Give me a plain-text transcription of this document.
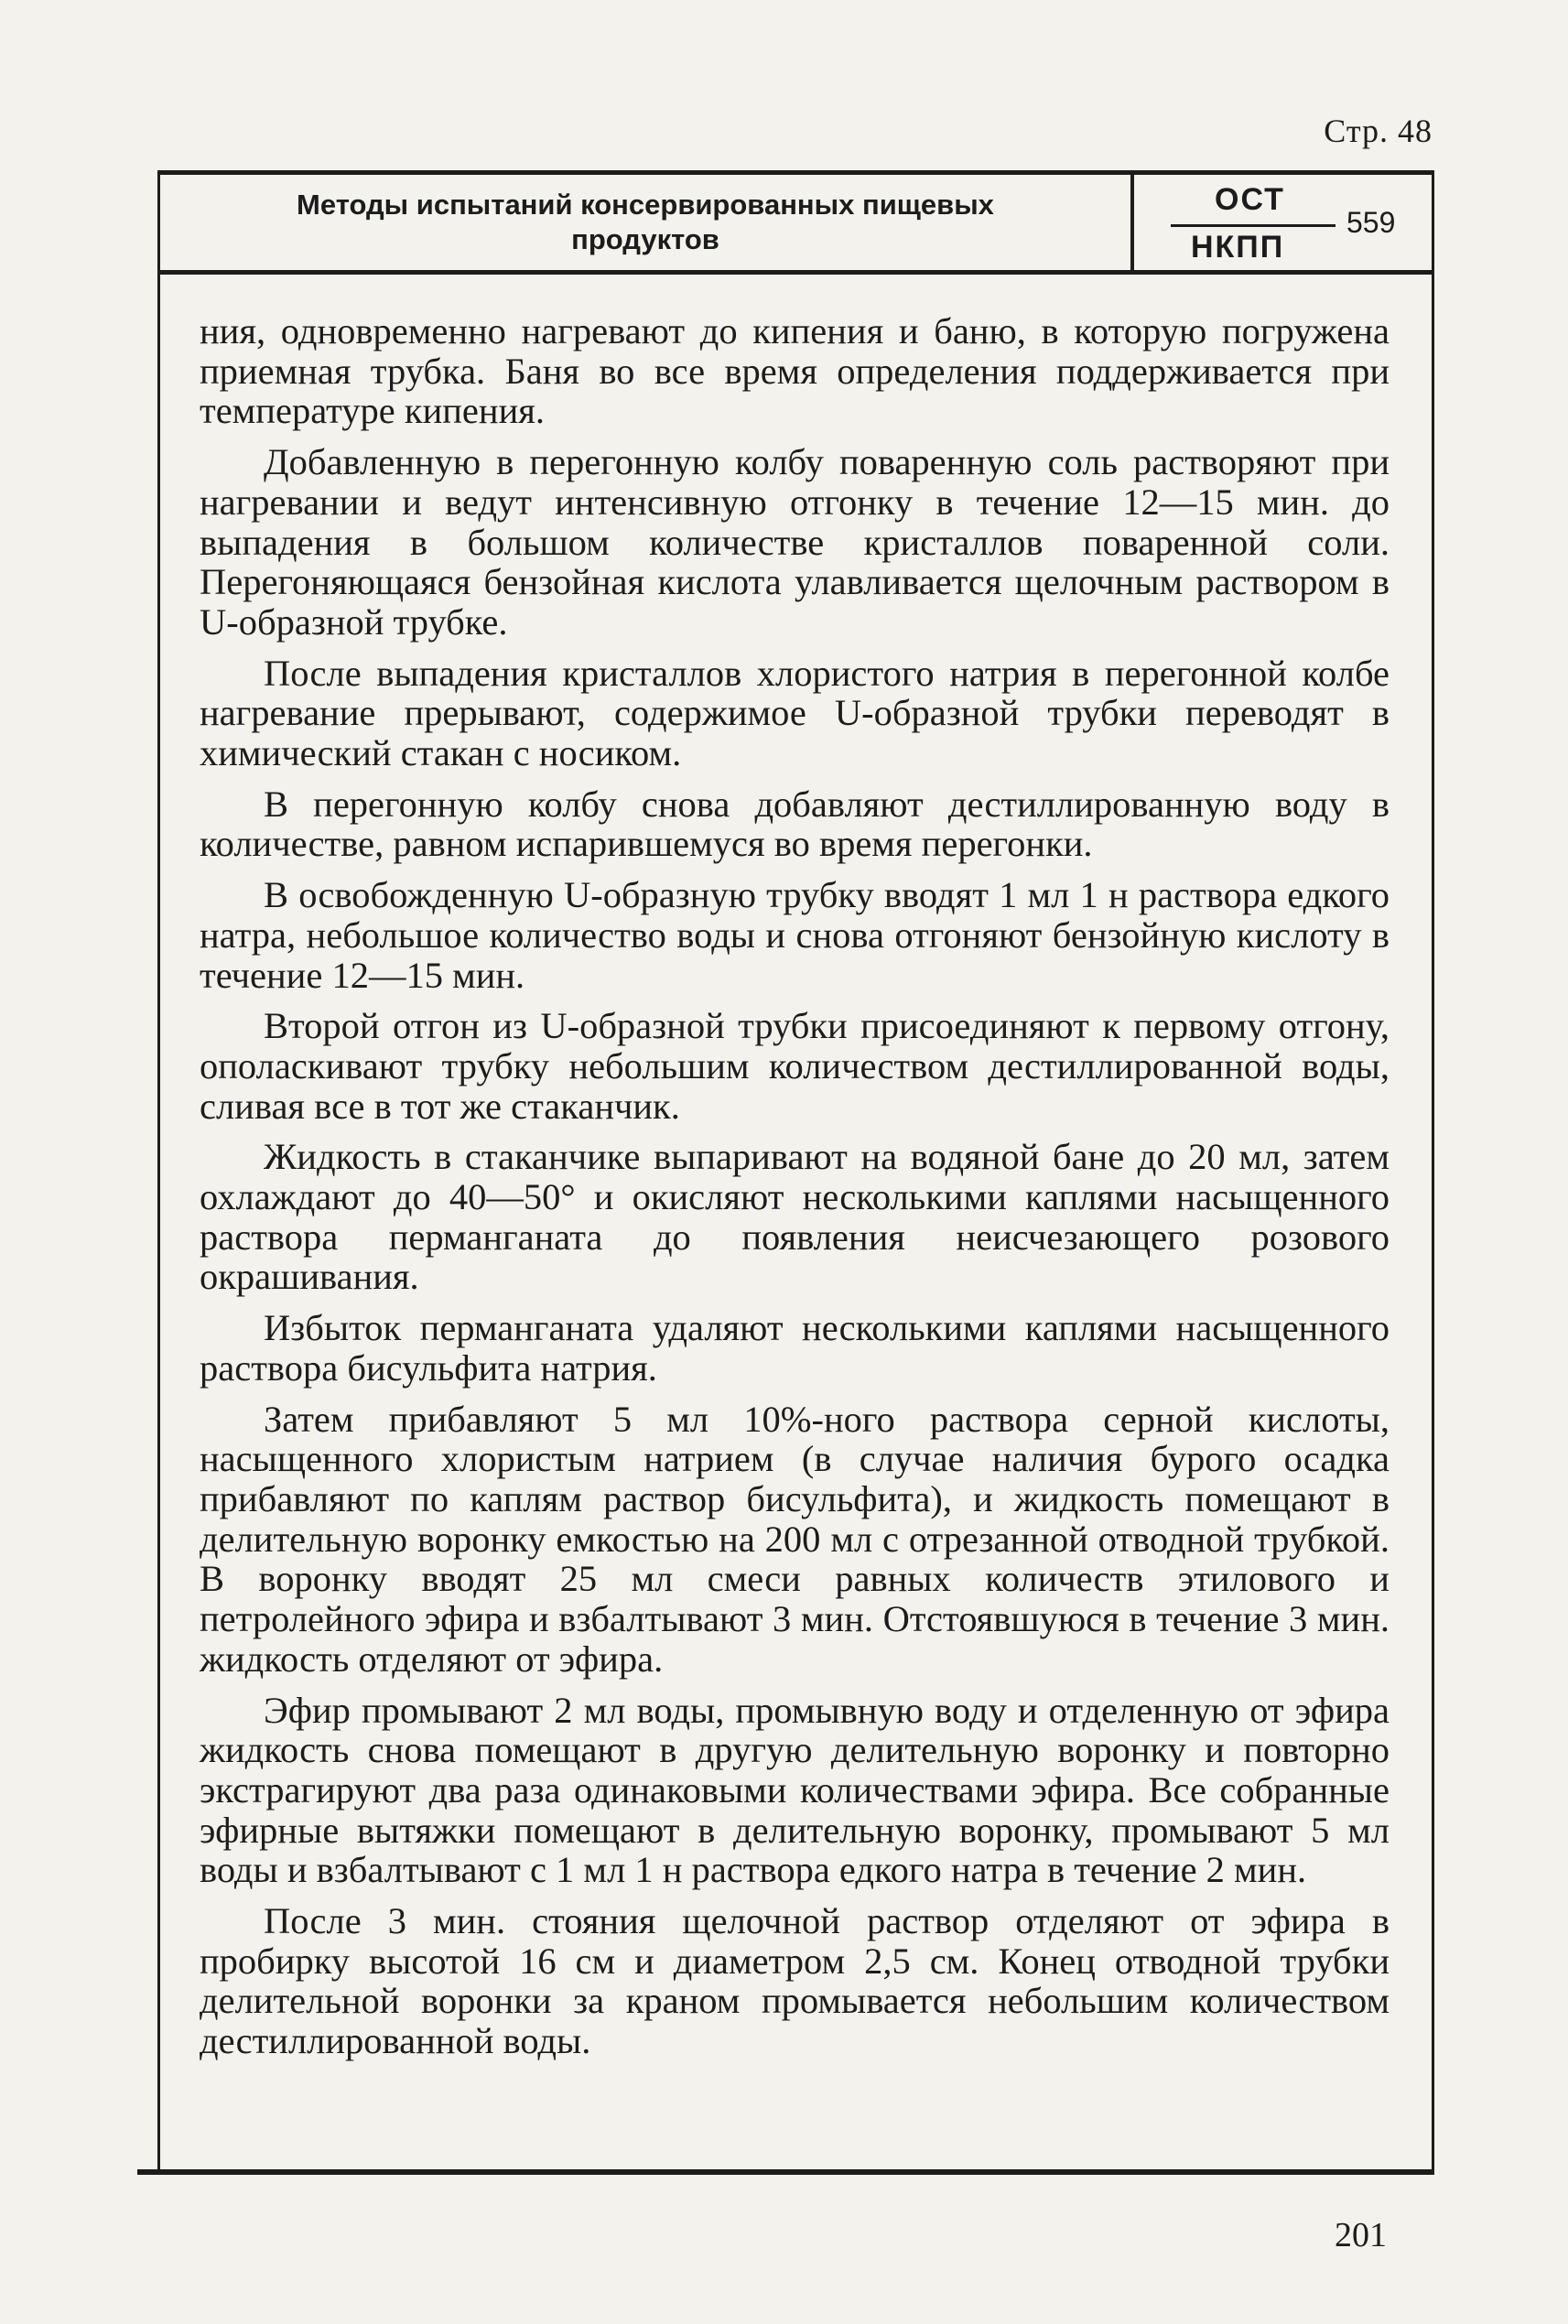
Стр. 48
Методы испытаний консервированных пищевых
продуктов
ОСТ
НКПП
559

ния, одновременно нагревают до кипения и баню, в которую погружена приемная трубка. Баня во все время определения поддерживается при температуре кипения.

Добавленную в перегонную колбу поваренную соль растворяют при нагревании и ведут интенсивную отгонку в течение 12—15 мин. до выпадения в большом количестве кристаллов поваренной соли. Перегоняющаяся бензойная кислота улавливается щелочным раствором в U-образной трубке.

После выпадения кристаллов хлористого натрия в перегонной колбе нагревание прерывают, содержимое U-образной трубки переводят в химический стакан с носиком.

В перегонную колбу снова добавляют дестиллированную воду в количестве, равном испарившемуся во время перегонки.

В освобожденную U-образную трубку вводят 1 мл 1 н раствора едкого натра, небольшое количество воды и снова отгоняют бензойную кислоту в течение 12—15 мин.

Второй отгон из U-образной трубки присоединяют к первому отгону, ополаскивают трубку небольшим количеством дестиллированной воды, сливая все в тот же стаканчик.

Жидкость в стаканчике выпаривают на водяной бане до 20 мл, затем охлаждают до 40—50° и окисляют несколькими каплями насыщенного раствора перманганата до появления неисчезающего розового окрашивания.

Избыток перманганата удаляют несколькими каплями насыщенного раствора бисульфита натрия.

Затем прибавляют 5 мл 10%-ного раствора серной кислоты, насыщенного хлористым натрием (в случае наличия бурого осадка прибавляют по каплям раствор бисульфита), и жидкость помещают в делительную воронку емкостью на 200 мл с отрезанной отводной трубкой. В воронку вводят 25 мл смеси равных количеств этилового и петролейного эфира и взбалтывают 3 мин. Отстоявшуюся в течение 3 мин. жидкость отделяют от эфира.

Эфир промывают 2 мл воды, промывную воду и отделенную от эфира жидкость снова помещают в другую делительную воронку и повторно экстрагируют два раза одинаковыми количествами эфира. Все собранные эфирные вытяжки помещают в делительную воронку, промывают 5 мл воды и взбалтывают с 1 мл 1 н раствора едкого натра в течение 2 мин.

После 3 мин. стояния щелочной раствор отделяют от эфира в пробирку высотой 16 см и диаметром 2,5 см. Конец отводной трубки делительной воронки за краном промывается небольшим количеством дестиллированной воды.

201
